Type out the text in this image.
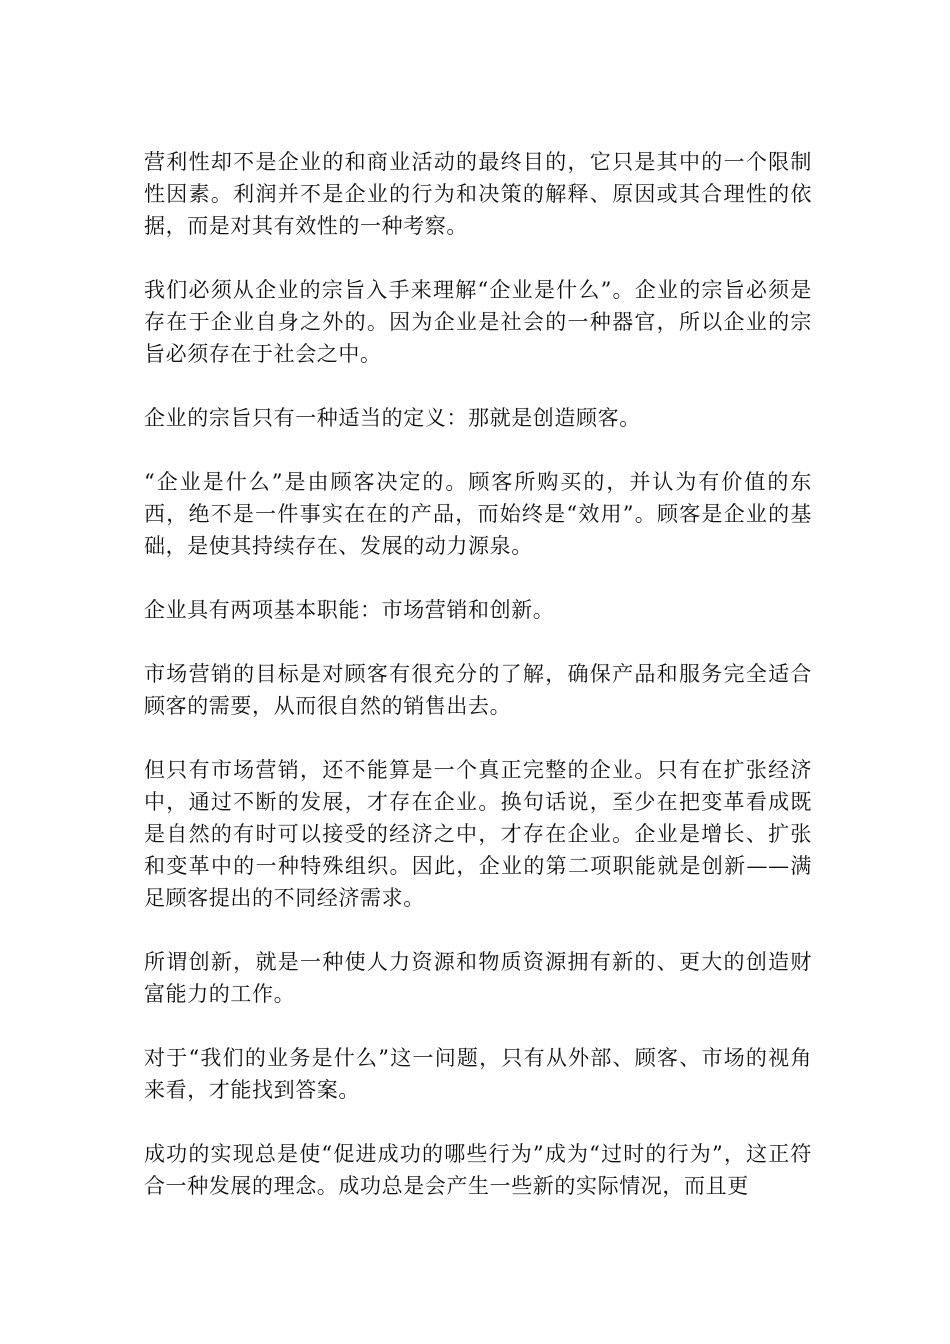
营利性却不是企业的和商业活动的最终目的，它只是其中的一个限制性因素。利润并不是企业的行为和决策的解释、原因或其合理性的依据，而是对其有效性的一种考察。

我们必须从企业的宗旨入手来理解“企业是什么”。企业的宗旨必须是存在于企业自身之外的。因为企业是社会的一种器官，所以企业的宗旨必须存在于社会之中。

企业的宗旨只有一种适当的定义：那就是创造顾客。

“企业是什么”是由顾客决定的。顾客所购买的，并认为有价值的东西，绝不是一件事实在在的产品，而始终是“效用”。顾客是企业的基础，是使其持续存在、发展的动力源泉。

企业具有两项基本职能：市场营销和创新。

市场营销的目标是对顾客有很充分的了解，确保产品和服务完全适合顾客的需要，从而很自然的销售出去。

但只有市场营销，还不能算是一个真正完整的企业。只有在扩张经济中，通过不断的发展，才存在企业。换句话说，至少在把变革看成既是自然的有时可以接受的经济之中，才存在企业。企业是增长、扩张和变革中的一种特殊组织。因此，企业的第二项职能就是创新——满足顾客提出的不同经济需求。

所谓创新，就是一种使人力资源和物质资源拥有新的、更大的创造财富能力的工作。

对于“我们的业务是什么”这一问题，只有从外部、顾客、市场的视角来看，才能找到答案。

成功的实现总是使“促进成功的哪些行为”成为“过时的行为”，这正符合一种发展的理念。成功总是会产生一些新的实际情况，而且更
